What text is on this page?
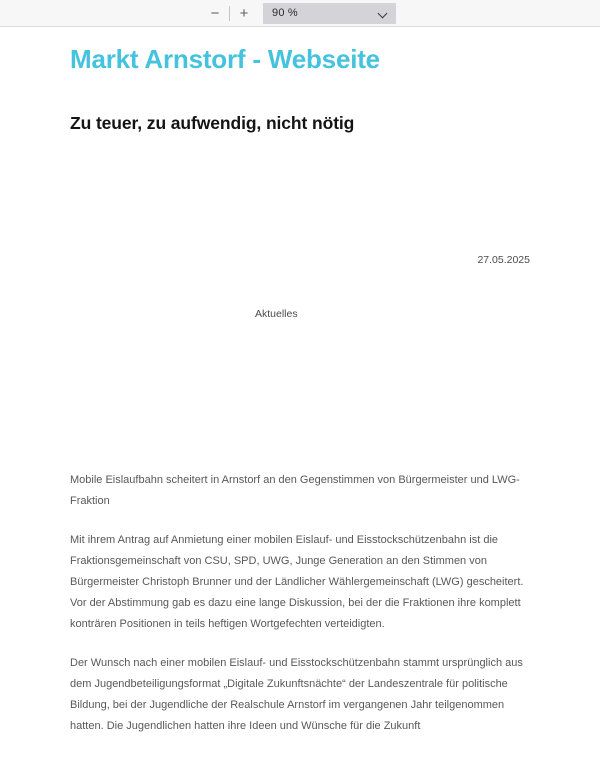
−	+	90 %
Markt Arnstorf - Webseite
Zu teuer, zu aufwendig, nicht nötig
27.05.2025
Aktuelles

Mobile Eislaufbahn scheitert in Arnstorf an den Gegenstimmen von Bürgermeister und LWG-Fraktion

Mit ihrem Antrag auf Anmietung einer mobilen Eislauf- und Eisstockschützenbahn ist die Fraktionsgemeinschaft von CSU, SPD, UWG, Junge Generation an den Stimmen von Bürgermeister Christoph Brunner und der Ländlicher Wählergemeinschaft (LWG) gescheitert. Vor der Abstimmung gab es dazu eine lange Diskussion, bei der die Fraktionen ihre komplett konträren Positionen in teils heftigen Wortgefechten verteidigten.

Der Wunsch nach einer mobilen Eislauf- und Eisstockschützenbahn stammt ursprünglich aus dem Jugendbeteiligungsformat „Digitale Zukunftsnächte“ der Landeszentrale für politische Bildung, bei der Jugendliche der Realschule Arnstorf im vergangenen Jahr teilgenommen hatten. Die Jugendlichen hatten ihre Ideen und Wünsche für die Zukunft
